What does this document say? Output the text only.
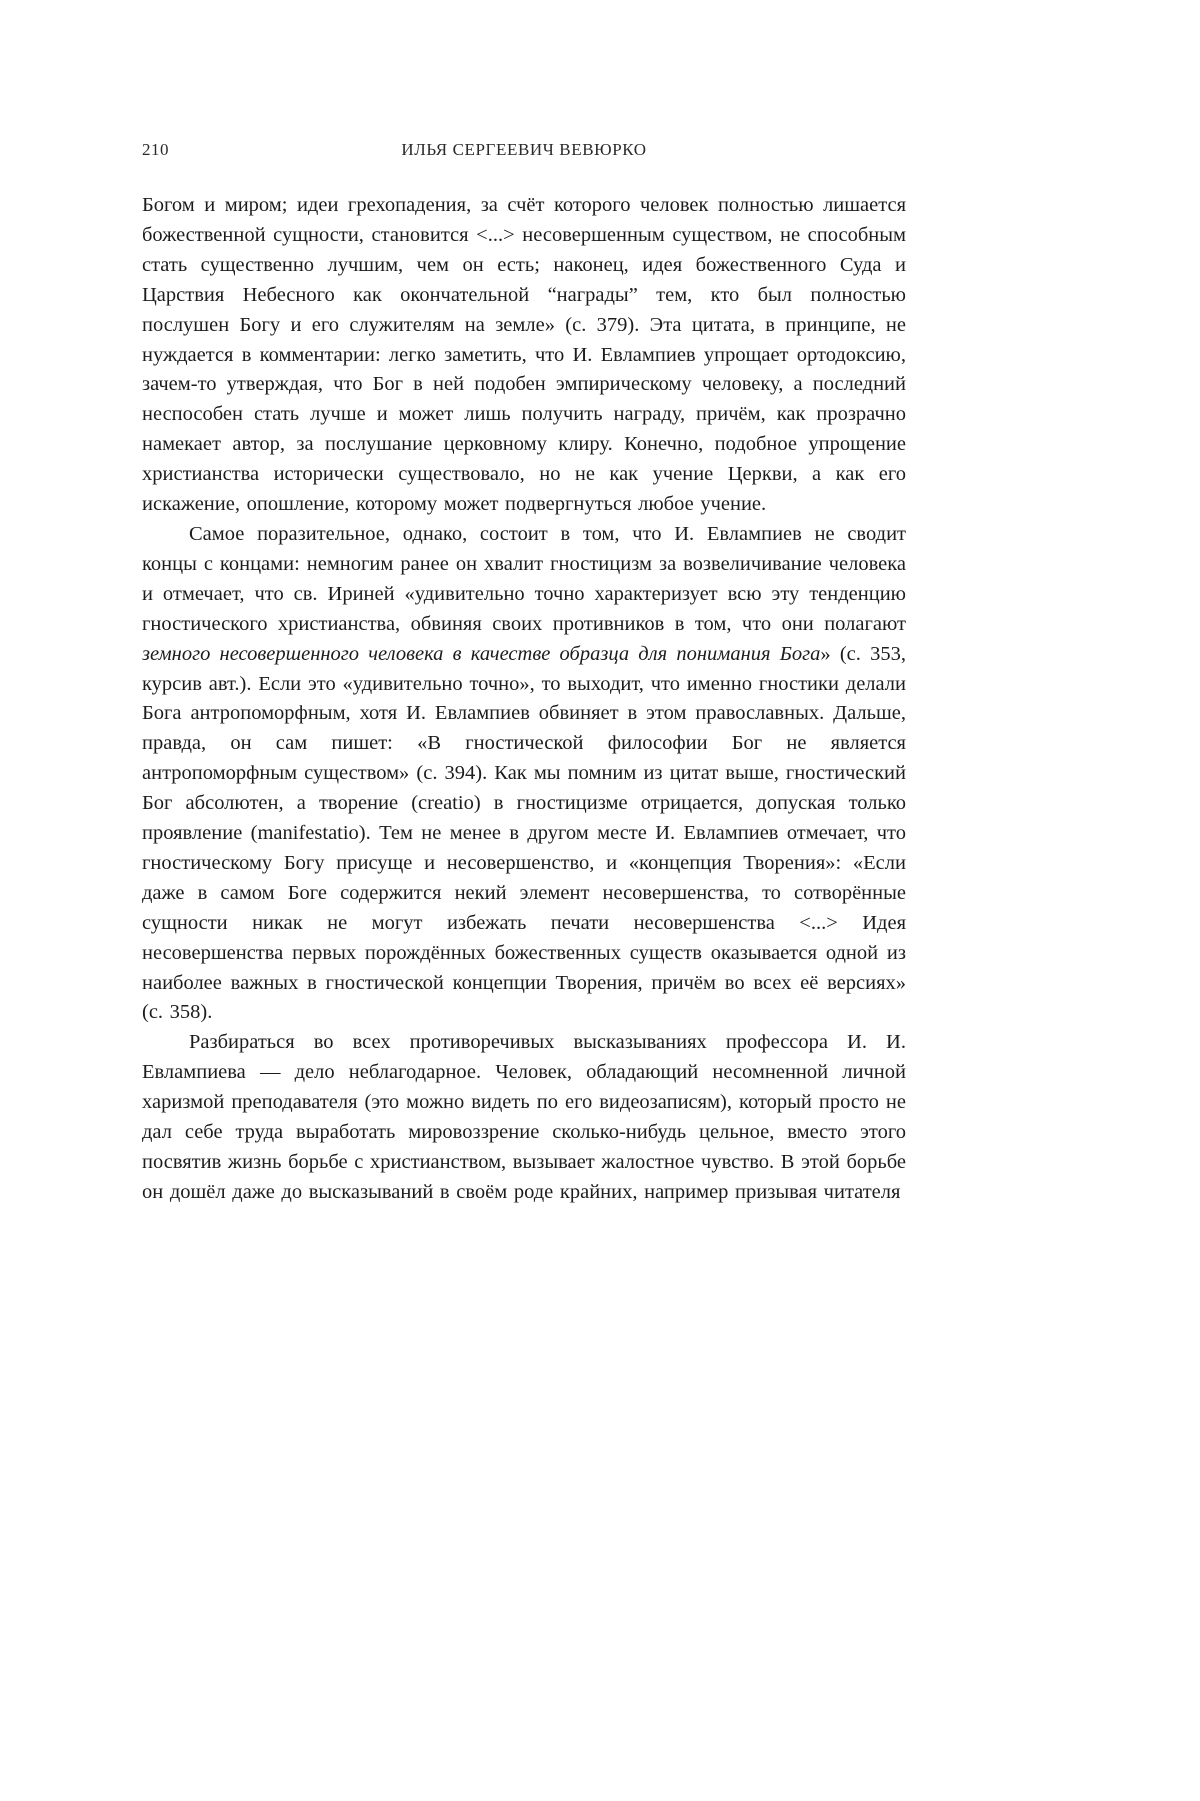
210	ИЛЬЯ СЕРГЕЕВИЧ ВЕВЮРКО

Богом и миром; идеи грехопадения, за счёт которого человек полностью лишается божественной сущности, становится <...> несовершенным существом, не способным стать существенно лучшим, чем он есть; наконец, идея божественного Суда и Царствия Небесного как окончательной “награды” тем, кто был полностью послушен Богу и его служителям на земле» (с. 379). Эта цитата, в принципе, не нуждается в комментарии: легко заметить, что И. Евлампиев упрощает ортодоксию, зачем-то утверждая, что Бог в ней подобен эмпирическому человеку, а последний неспособен стать лучше и может лишь получить награду, причём, как прозрачно намекает автор, за послушание церковному клиру. Конечно, подобное упрощение христианства исторически существовало, но не как учение Церкви, а как его искажение, опошление, которому может подвергнуться любое учение.

Самое поразительное, однако, состоит в том, что И. Евлампиев не сводит концы с концами: немногим ранее он хвалит гностицизм за возвеличивание человека и отмечает, что св. Ириней «удивительно точно характеризует всю эту тенденцию гностического христианства, обвиняя своих противников в том, что они полагают земного несовершенного человека в качестве образца для понимания Бога» (с. 353, курсив авт.). Если это «удивительно точно», то выходит, что именно гностики делали Бога антропоморфным, хотя И. Евлампиев обвиняет в этом православных. Дальше, правда, он сам пишет: «В гностической философии Бог не является антропоморфным существом» (с. 394). Как мы помним из цитат выше, гностический Бог абсолютен, а творение (creatio) в гностицизме отрицается, допуская только проявление (manifestatio). Тем не менее в другом месте И. Евлампиев отмечает, что гностическому Богу присуще и несовершенство, и «концепция Творения»: «Если даже в самом Боге содержится некий элемент несовершенства, то сотворённые сущности никак не могут избежать печати несовершенства <...> Идея несовершенства первых порождённых божественных существ оказывается одной из наиболее важных в гностической концепции Творения, причём во всех её версиях» (с. 358).

Разбираться во всех противоречивых высказываниях профессора И. И. Евлампиева — дело неблагодарное. Человек, обладающий несомненной личной харизмой преподавателя (это можно видеть по его видеозаписям), который просто не дал себе труда выработать мировоззрение сколько-нибудь цельное, вместо этого посвятив жизнь борьбе с христианством, вызывает жалостное чувство. В этой борьбе он дошёл даже до высказываний в своём роде крайних, например призывая читателя
